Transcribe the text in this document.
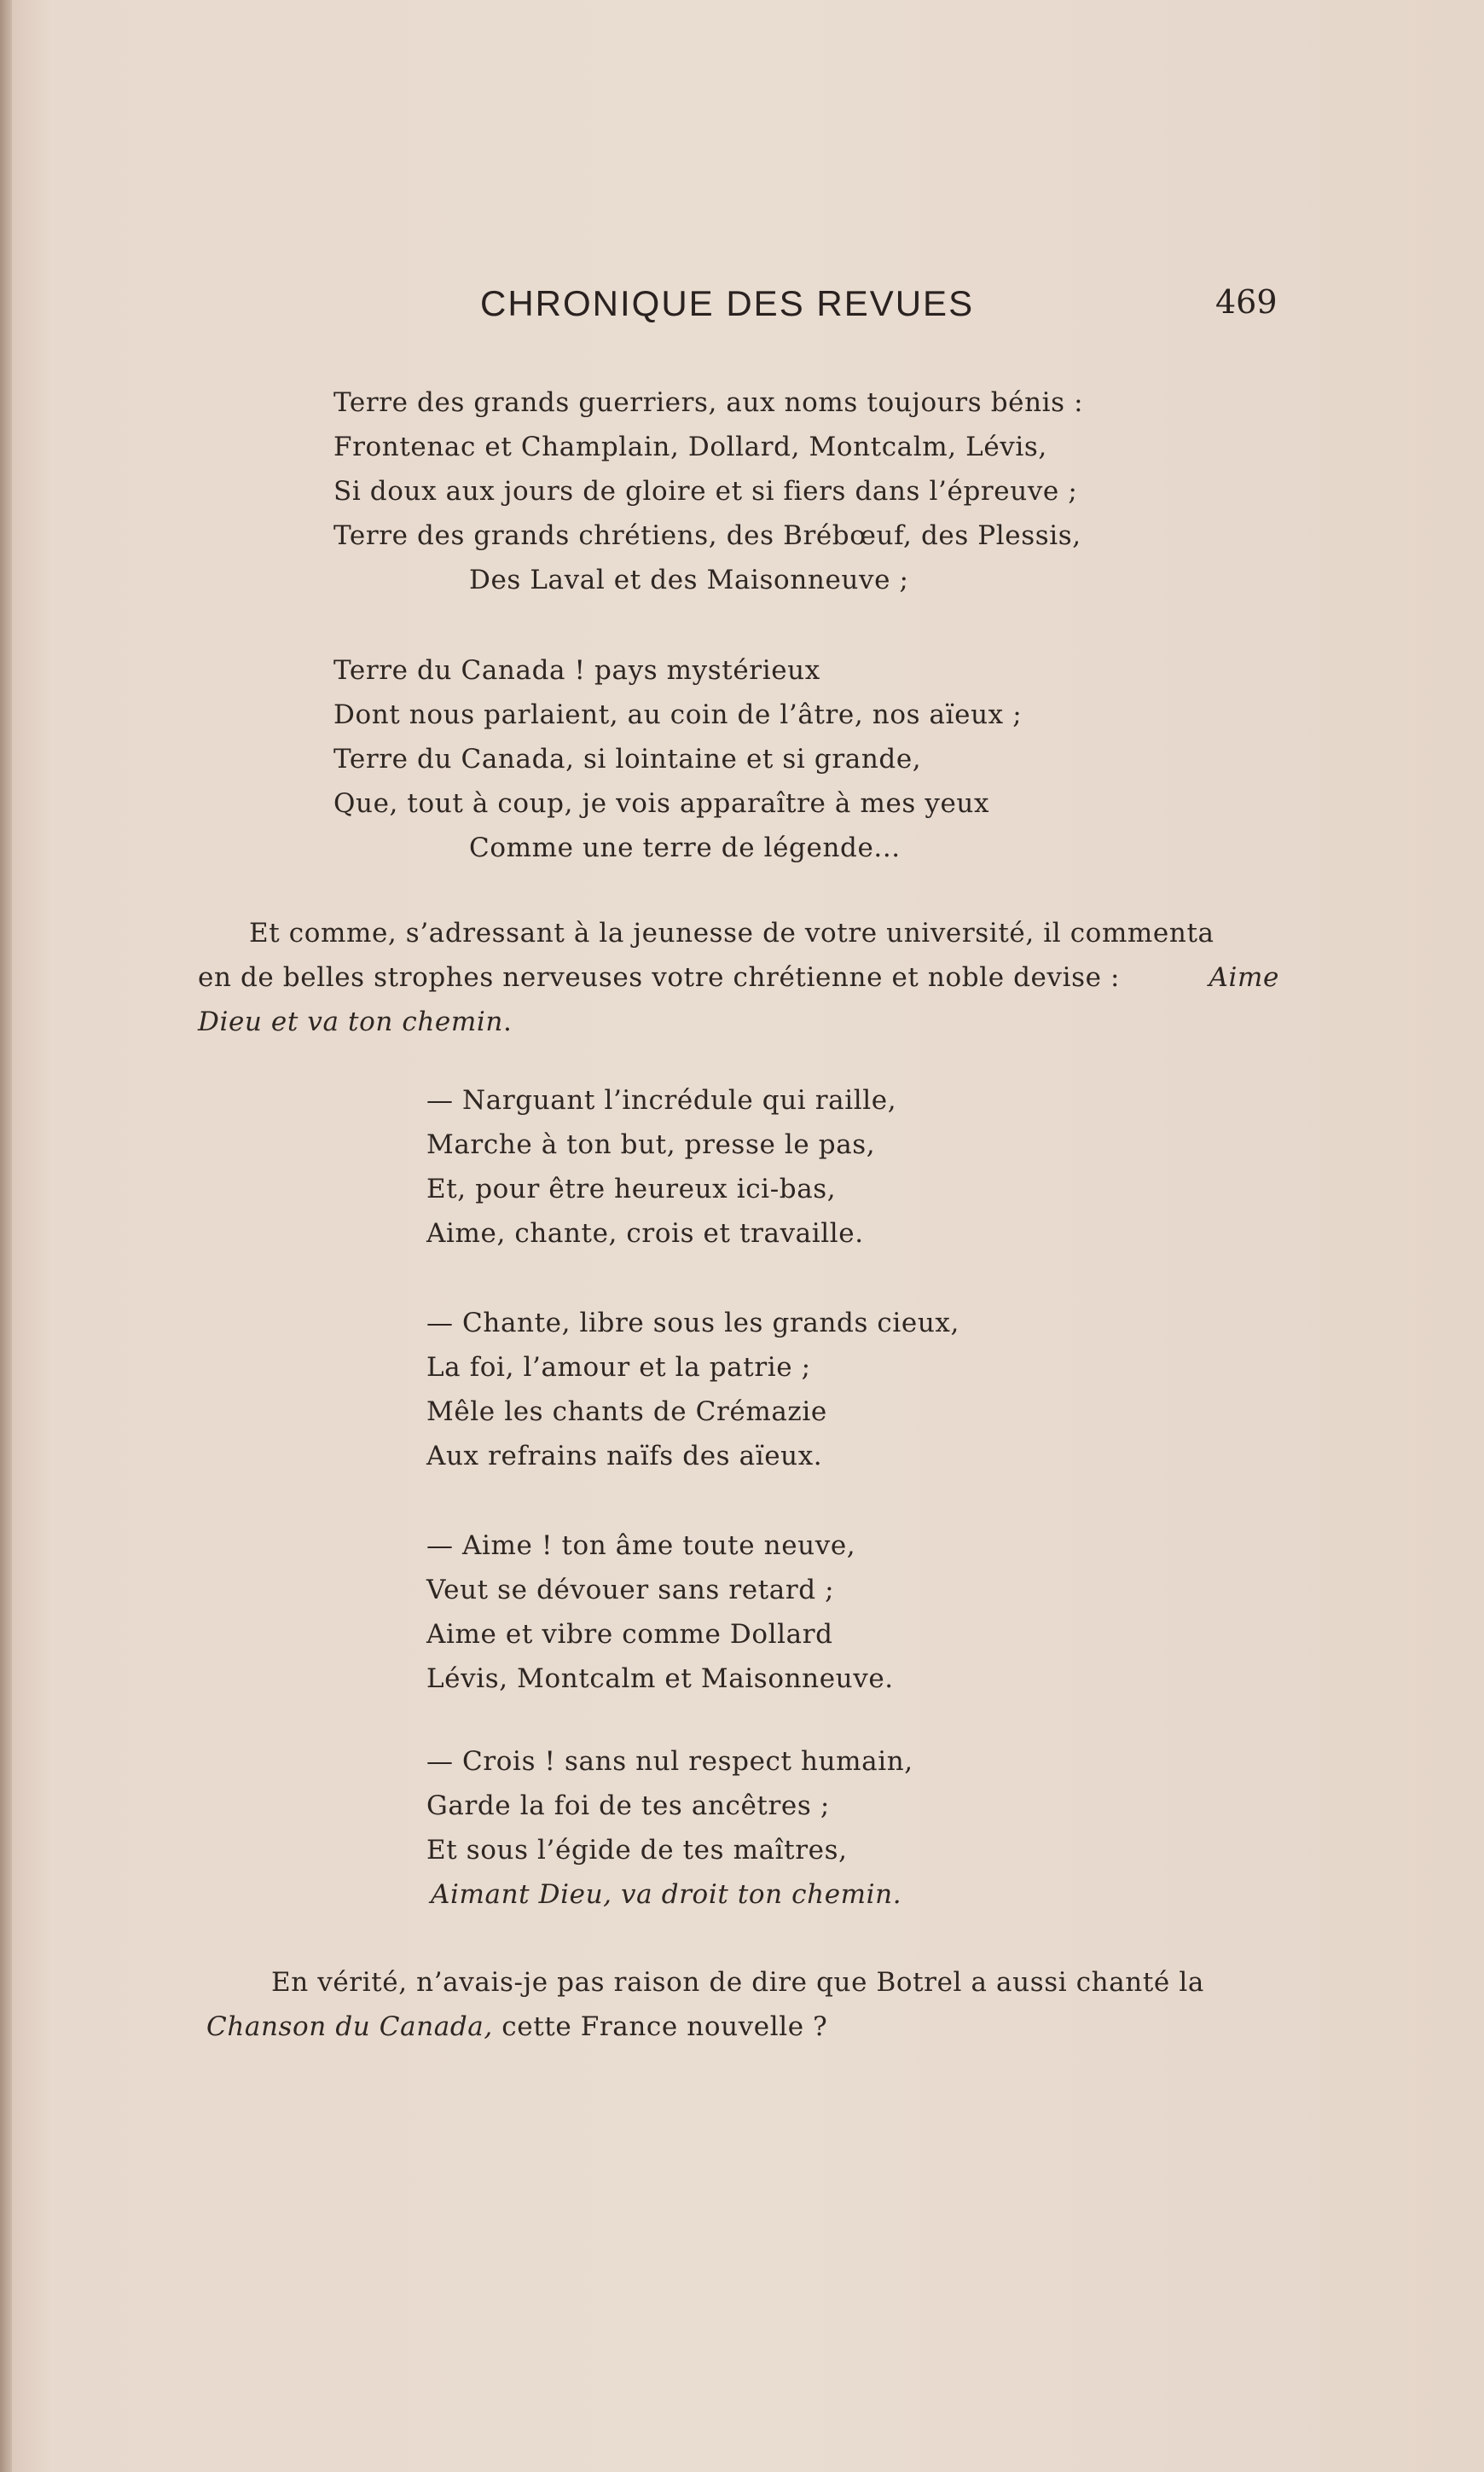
CHRONIQUE DES REVUES	469
Terre des grands guerriers, aux noms toujours bénis :
Frontenac et Champlain, Dollard, Montcalm, Lévis,
Si doux aux jours de gloire et si fiers dans l’épreuve ;
Terre des grands chrétiens, des Brébœuf, des Plessis,
Des Laval et des Maisonneuve ;
Terre du Canada ! pays mystérieux
Dont nous parlaient, au coin de l’âtre, nos aïeux ;
Terre du Canada, si lointaine et si grande,
Que, tout à coup, je vois apparaître à mes yeux
Comme une terre de légende...
Et comme, s’adressant à la jeunesse de votre université, il commenta
en de belles strophes nerveuses votre chrétienne et noble devise :	Aime
Dieu et va ton chemin.
— Narguant l’incrédule qui raille,
Marche à ton but, presse le pas,
Et, pour être heureux ici-bas,
Aime, chante, crois et travaille.
— Chante, libre sous les grands cieux,
La foi, l’amour et la patrie ;
Mêle les chants de Crémazie
Aux refrains naïfs des aïeux.
— Aime ! ton âme toute neuve,
Veut se dévouer sans retard ;
Aime et vibre comme Dollard
Lévis, Montcalm et Maisonneuve.
— Crois ! sans nul respect humain,
Garde la foi de tes ancêtres ;
Et sous l’égide de tes maîtres,
Aimant Dieu, va droit ton chemin.
En vérité, n’avais-je pas raison de dire que Botrel a aussi chanté la
Chanson du Canada, cette France nouvelle ?
